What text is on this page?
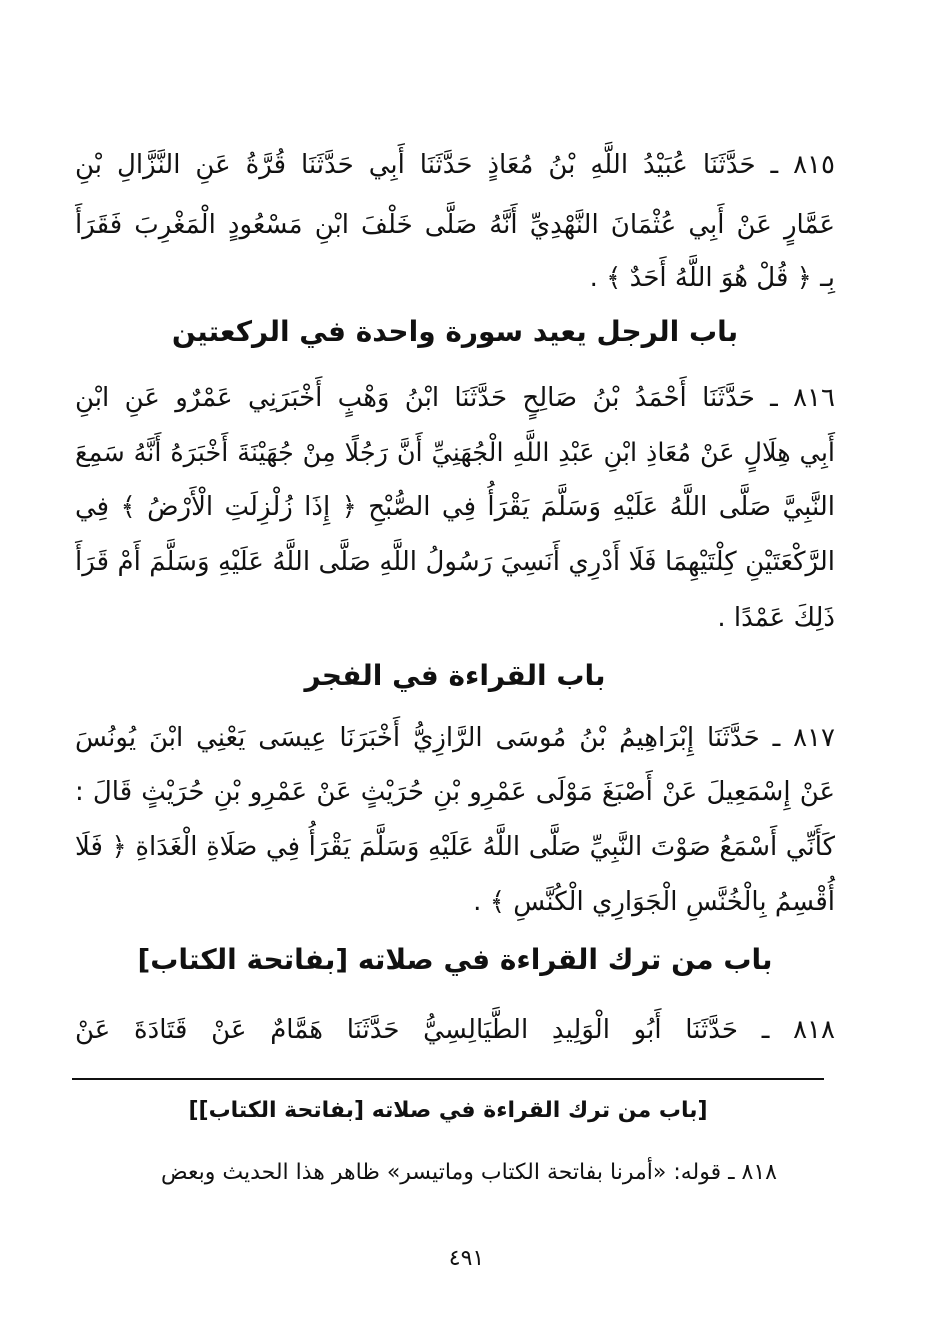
٨١٥ ـ حَدَّثَنَا عُبَيْدُ اللَّهِ بْنُ مُعَاذٍ حَدَّثَنَا أَبِي حَدَّثَنَا قُرَّةُ عَنِ النَّزَّالِ بْنِ
عَمَّارٍ عَنْ أَبِي عُثْمَانَ النَّهْدِيِّ أَنَّهُ صَلَّى خَلْفَ ابْنِ مَسْعُودٍ الْمَغْرِبَ فَقَرَأَ
بِـ ﴿ قُلْ هُوَ اللَّهُ أَحَدٌ ﴾ .
باب الرجل يعيد سورة واحدة في الركعتين
٨١٦ ـ حَدَّثَنَا أَحْمَدُ بْنُ صَالِحٍ حَدَّثَنَا ابْنُ وَهْبٍ أَخْبَرَنِي عَمْرٌو عَنِ ابْنِ
أَبِي هِلَالٍ عَنْ مُعَاذِ ابْنِ عَبْدِ اللَّهِ الْجُهَنِيِّ أَنَّ رَجُلًا مِنْ جُهَيْنَةَ أَخْبَرَهُ أَنَّهُ سَمِعَ
النَّبِيَّ صَلَّى اللَّهُ عَلَيْهِ وَسَلَّمَ يَقْرَأُ فِي الصُّبْحِ ﴿ إِذَا زُلْزِلَتِ الْأَرْضُ ﴾ فِي
الرَّكْعَتَيْنِ كِلْتَيْهِمَا فَلَا أَدْرِي أَنَسِيَ رَسُولُ اللَّهِ صَلَّى اللَّهُ عَلَيْهِ وَسَلَّمَ أَمْ قَرَأَ
ذَلِكَ عَمْدًا .
باب القراءة في الفجر
٨١٧ ـ حَدَّثَنَا إِبْرَاهِيمُ بْنُ مُوسَى الرَّازِيُّ أَخْبَرَنَا عِيسَى يَعْنِي ابْنَ يُونُسَ
عَنْ إِسْمَعِيلَ عَنْ أَصْبَغَ مَوْلَى عَمْرِو بْنِ حُرَيْثٍ عَنْ عَمْرِو بْنِ حُرَيْثٍ قَالَ :
كَأَنِّي أَسْمَعُ صَوْتَ النَّبِيِّ صَلَّى اللَّهُ عَلَيْهِ وَسَلَّمَ يَقْرَأُ فِي صَلَاةِ الْغَدَاةِ ﴿ فَلَا
أُقْسِمُ بِالْخُنَّسِ الْجَوَارِي الْكُنَّسِ ﴾ .
باب من ترك القراءة في صلاته [بفاتحة الكتاب]
٨١٨ ـ حَدَّثَنَا أَبُو الْوَلِيدِ الطَّيَالِسِيُّ حَدَّثَنَا هَمَّامٌ عَنْ قَتَادَةَ عَنْ
[باب من ترك القراءة في صلاته [بفاتحة الكتاب]]
٨١٨ ـ قوله: «أمرنا بفاتحة الكتاب وماتيسر» ظاهر هذا الحديث وبعض
٤٩١
